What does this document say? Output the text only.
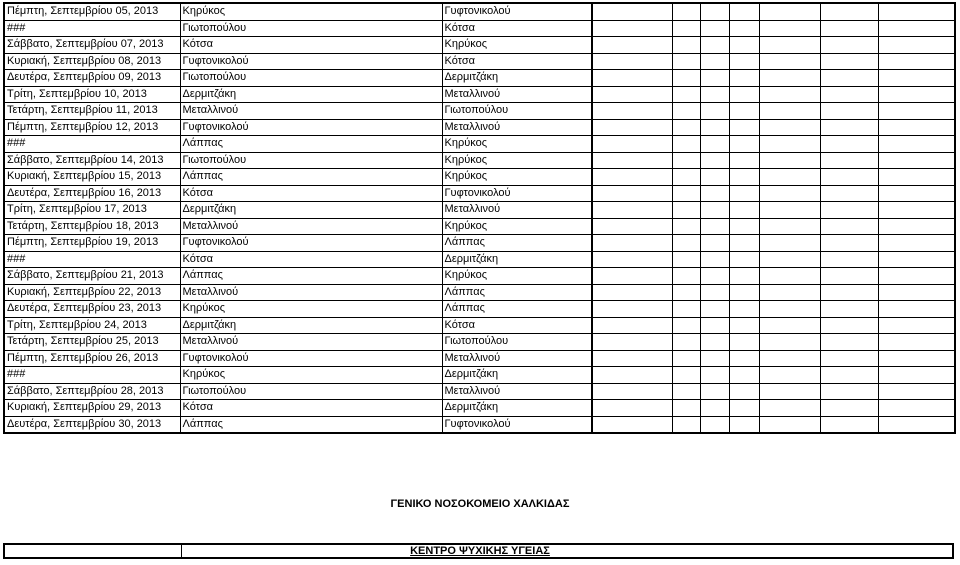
Πέμπτη, Σεπτεμβρίου 05, 2013	Κηρύκος	Γυφτονικολού							
###	Γιωτοπούλου	Κότσα							
Σάββατο, Σεπτεμβρίου 07, 2013	Κότσα	Κηρύκος							
Κυριακή, Σεπτεμβρίου 08, 2013	Γυφτονικολού	Κότσα							
Δευτέρα, Σεπτεμβρίου 09, 2013	Γιωτοπούλου	Δερμιτζάκη							
Τρίτη, Σεπτεμβρίου 10, 2013	Δερμιτζάκη	Μεταλλινού							
Τετάρτη, Σεπτεμβρίου 11, 2013	Μεταλλινού	Γιωτοπούλου							
Πέμπτη, Σεπτεμβρίου 12, 2013	Γυφτονικολού	Μεταλλινού							
###	Λάππας	Κηρύκος							
Σάββατο, Σεπτεμβρίου 14, 2013	Γιωτοπούλου	Κηρύκος							
Κυριακή, Σεπτεμβρίου 15, 2013	Λάππας	Κηρύκος							
Δευτέρα, Σεπτεμβρίου 16, 2013	Κότσα	Γυφτονικολού							
Τρίτη, Σεπτεμβρίου 17, 2013	Δερμιτζάκη	Μεταλλινού							
Τετάρτη, Σεπτεμβρίου 18, 2013	Μεταλλινού	Κηρύκος							
Πέμπτη, Σεπτεμβρίου 19, 2013	Γυφτονικολού	Λάππας							
###	Κότσα	Δερμιτζάκη							
Σάββατο, Σεπτεμβρίου 21, 2013	Λάππας	Κηρύκος							
Κυριακή, Σεπτεμβρίου 22, 2013	Μεταλλινού	Λάππας							
Δευτέρα, Σεπτεμβρίου 23, 2013	Κηρύκος	Λάππας							
Τρίτη, Σεπτεμβρίου 24, 2013	Δερμιτζάκη	Κότσα							
Τετάρτη, Σεπτεμβρίου 25, 2013	Μεταλλινού	Γιωτοπούλου							
Πέμπτη, Σεπτεμβρίου 26, 2013	Γυφτονικολού	Μεταλλινού							
###	Κηρύκος	Δερμιτζάκη							
Σάββατο, Σεπτεμβρίου 28, 2013	Γιωτοπούλου	Μεταλλινού							
Κυριακή, Σεπτεμβρίου 29, 2013	Κότσα	Δερμιτζάκη							
Δευτέρα, Σεπτεμβρίου 30, 2013	Λάππας	Γυφτονικολού							
ΓΕΝΙΚΟ ΝΟΣΟΚΟΜΕΙΟ ΧΑΛΚΙΔΑΣ
ΚΕΝΤΡΟ ΨΥΧΙΚΗΣ ΥΓΕΙΑΣ
